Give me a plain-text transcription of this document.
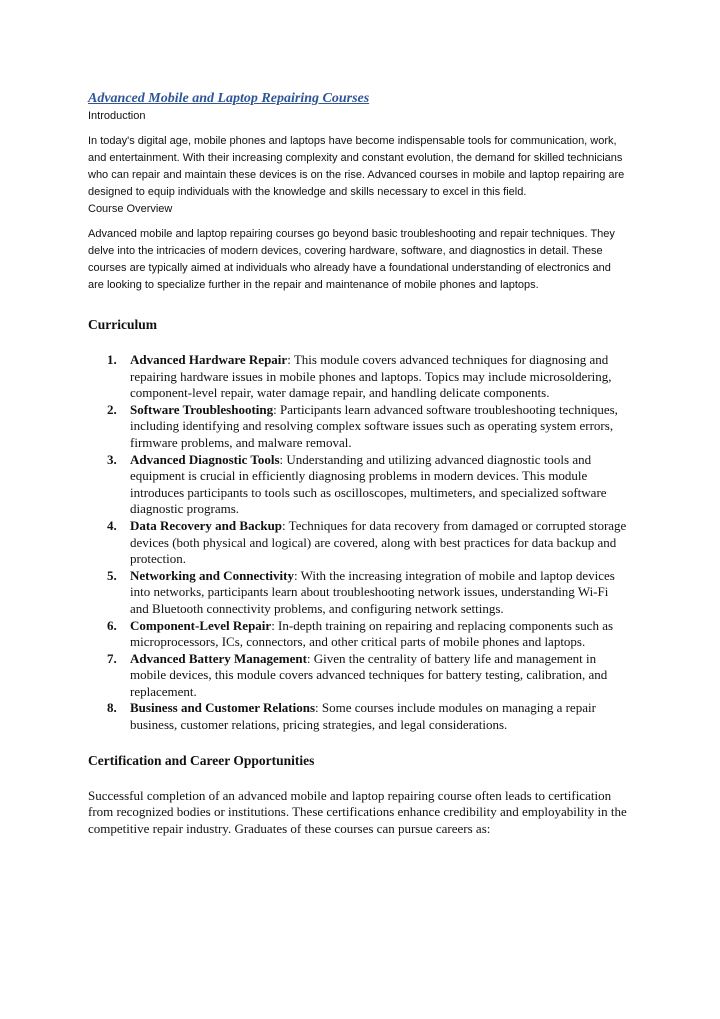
Advanced Mobile and Laptop Repairing Courses

Introduction

In today's digital age, mobile phones and laptops have become indispensable tools for communication, work, and entertainment. With their increasing complexity and constant evolution, the demand for skilled technicians who can repair and maintain these devices is on the rise. Advanced courses in mobile and laptop repairing are designed to equip individuals with the knowledge and skills necessary to excel in this field.

Course Overview

Advanced mobile and laptop repairing courses go beyond basic troubleshooting and repair techniques. They delve into the intricacies of modern devices, covering hardware, software, and diagnostics in detail. These courses are typically aimed at individuals who already have a foundational understanding of electronics and are looking to specialize further in the repair and maintenance of mobile phones and laptops.

Curriculum

1. Advanced Hardware Repair: This module covers advanced techniques for diagnosing and repairing hardware issues in mobile phones and laptops. Topics may include microsoldering, component-level repair, water damage repair, and handling delicate components.
2. Software Troubleshooting: Participants learn advanced software troubleshooting techniques, including identifying and resolving complex software issues such as operating system errors, firmware problems, and malware removal.
3. Advanced Diagnostic Tools: Understanding and utilizing advanced diagnostic tools and equipment is crucial in efficiently diagnosing problems in modern devices. This module introduces participants to tools such as oscilloscopes, multimeters, and specialized software diagnostic programs.
4. Data Recovery and Backup: Techniques for data recovery from damaged or corrupted storage devices (both physical and logical) are covered, along with best practices for data backup and protection.
5. Networking and Connectivity: With the increasing integration of mobile and laptop devices into networks, participants learn about troubleshooting network issues, understanding Wi-Fi and Bluetooth connectivity problems, and configuring network settings.
6. Component-Level Repair: In-depth training on repairing and replacing components such as microprocessors, ICs, connectors, and other critical parts of mobile phones and laptops.
7. Advanced Battery Management: Given the centrality of battery life and management in mobile devices, this module covers advanced techniques for battery testing, calibration, and replacement.
8. Business and Customer Relations: Some courses include modules on managing a repair business, customer relations, pricing strategies, and legal considerations.

Certification and Career Opportunities

Successful completion of an advanced mobile and laptop repairing course often leads to certification from recognized bodies or institutions. These certifications enhance credibility and employability in the competitive repair industry. Graduates of these courses can pursue careers as:
